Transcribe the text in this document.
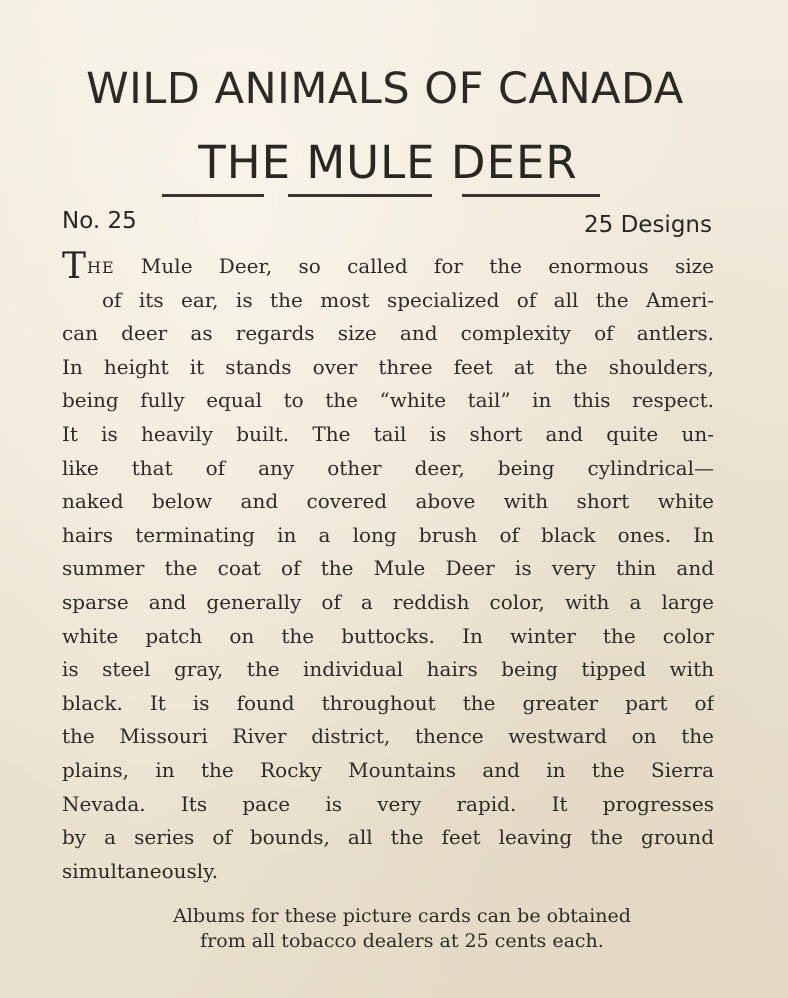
WILD ANIMALS OF CANADA
THE MULE DEER
No. 25	25 Designs
THE Mule Deer, so called for the enormous size
of its ear, is the most specialized of all the Ameri-
can deer as regards size and complexity of antlers.
In height it stands over three feet at the shoulders,
being fully equal to the “white tail” in this respect.
It is heavily built. The tail is short and quite un-
like that of any other deer, being cylindrical—
naked below and covered above with short white
hairs terminating in a long brush of black ones. In
summer the coat of the Mule Deer is very thin and
sparse and generally of a reddish color, with a large
white patch on the buttocks. In winter the color
is steel gray, the individual hairs being tipped with
black. It is found throughout the greater part of
the Missouri River district, thence westward on the
plains, in the Rocky Mountains and in the Sierra
Nevada. Its pace is very rapid. It progresses
by a series of bounds, all the feet leaving the ground
simultaneously.
Albums for these picture cards can be obtained
from all tobacco dealers at 25 cents each.
